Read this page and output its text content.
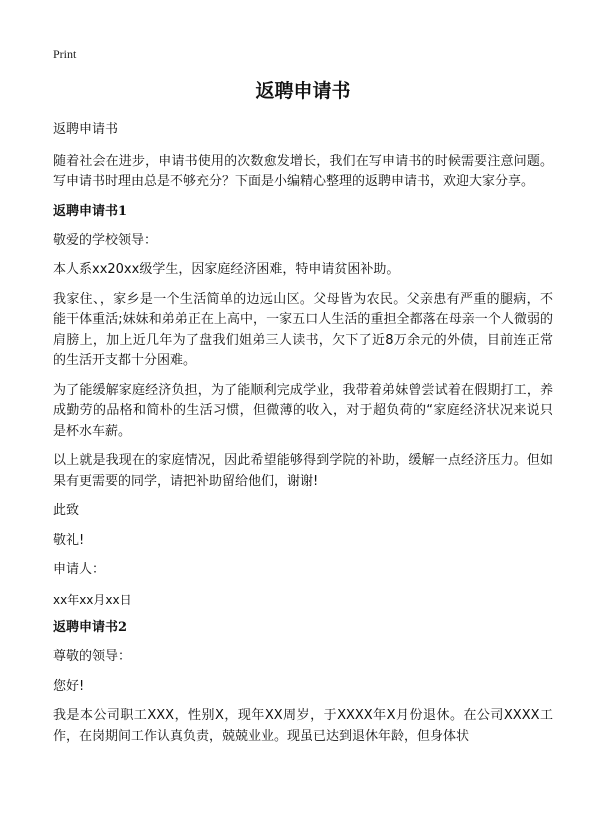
Print
返聘申请书
返聘申请书
随着社会在进步，申请书使用的次数愈发增长，我们在写申请书的时候需要注意问题。写申请书时理由总是不够充分？下面是小编精心整理的返聘申请书，欢迎大家分享。
返聘申请书1
敬爱的学校领导：
本人系xx20xx级学生，因家庭经济困难，特申请贫困补助。
我家住、，家乡是一个生活简单的边远山区。父母皆为农民。父亲患有严重的腿病，不能干体重活;妹妹和弟弟正在上高中，一家五口人生活的重担全都落在母亲一个人微弱的肩膀上，加上近几年为了盘我们姐弟三人读书，欠下了近8万余元的外债，目前连正常的生活开支都十分困难。
为了能缓解家庭经济负担，为了能顺利完成学业，我带着弟妹曾尝试着在假期打工，养成勤劳的品格和简朴的生活习惯，但微薄的收入，对于超负荷的“家庭经济状况来说只是杯水车薪。
以上就是我现在的家庭情况，因此希望能够得到学院的补助，缓解一点经济压力。但如果有更需要的同学，请把补助留给他们，谢谢!
此致
敬礼!
申请人：
xx年xx月xx日
返聘申请书2
尊敬的领导：
您好!
我是本公司职工XXX，性别X，现年XX周岁，于XXXX年X月份退休。在公司XXXX工作，在岗期间工作认真负责，兢兢业业。现虽已达到退休年龄，但身体状
